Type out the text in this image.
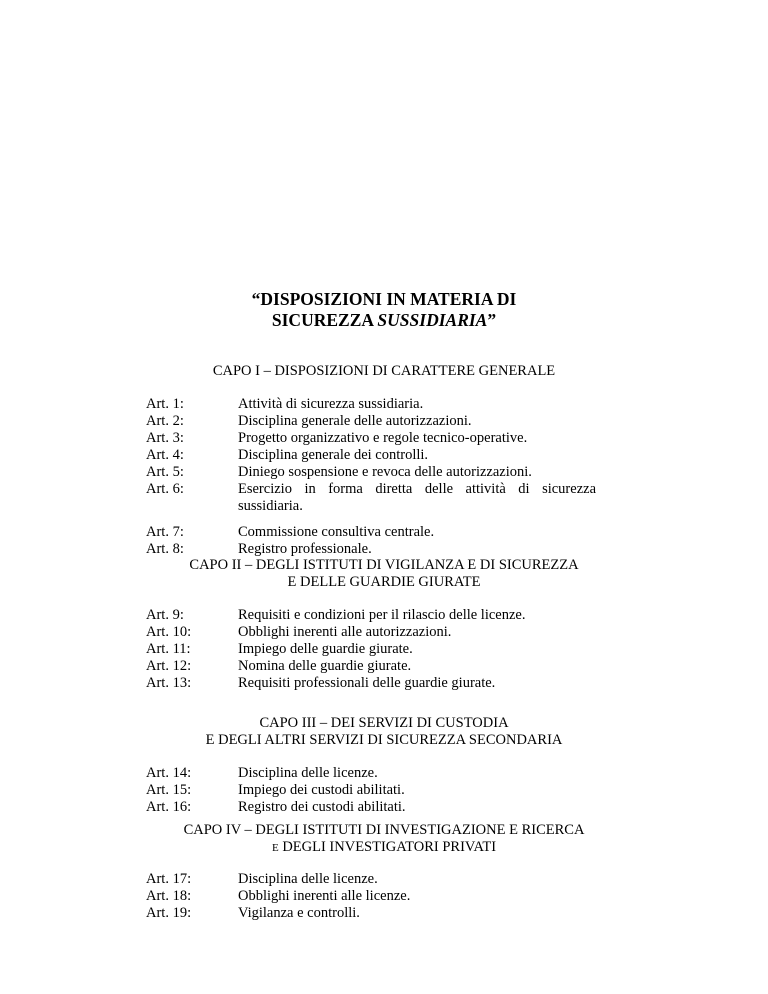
“DISPOSIZIONI IN MATERIA DI
SICUREZZA SUSSIDIARIA”
CAPO I – DISPOSIZIONI DI CARATTERE GENERALE
Art. 1:	Attività di sicurezza sussidiaria.
Art. 2:	Disciplina generale delle autorizzazioni.
Art. 3:	Progetto organizzativo e regole tecnico-operative.
Art. 4:	Disciplina generale dei controlli.
Art. 5:	Diniego sospensione e revoca delle autorizzazioni.
Art. 6:	Esercizio in forma diretta delle attività di sicurezza sussidiaria.
Art. 7:	Commissione consultiva centrale.
Art. 8:	Registro professionale.
CAPO II – DEGLI ISTITUTI DI VIGILANZA E DI SICUREZZA
E DELLE GUARDIE GIURATE
Art. 9:	Requisiti e condizioni per il rilascio delle licenze.
Art. 10:	Obblighi inerenti alle autorizzazioni.
Art. 11:	Impiego delle guardie giurate.
Art. 12:	Nomina delle guardie giurate.
Art. 13:	Requisiti professionali delle guardie giurate.
CAPO III – DEI SERVIZI DI CUSTODIA
E DEGLI ALTRI SERVIZI DI SICUREZZA SECONDARIA
Art. 14:	Disciplina delle licenze.
Art. 15:	Impiego dei custodi abilitati.
Art. 16:	Registro dei custodi abilitati.
CAPO IV – DEGLI ISTITUTI DI INVESTIGAZIONE E RICERCA
E DEGLI INVESTIGATORI PRIVATI
Art. 17:	Disciplina delle licenze.
Art. 18:	Obblighi inerenti alle licenze.
Art. 19:	Vigilanza e controlli.
